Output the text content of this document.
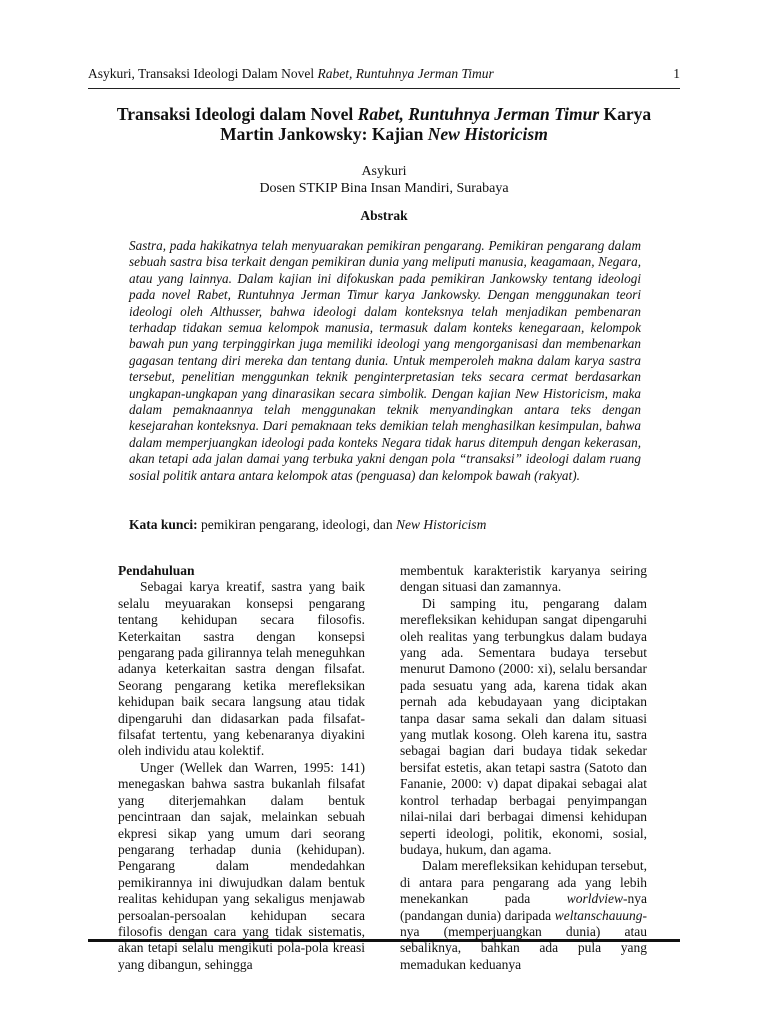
Asykuri, Transaksi Ideologi Dalam Novel Rabet, Runtuhnya Jerman Timur	1
Transaksi Ideologi dalam Novel Rabet, Runtuhnya Jerman Timur Karya Martin Jankowsky: Kajian New Historicism
Asykuri
Dosen STKIP Bina Insan Mandiri, Surabaya
Abstrak

Sastra, pada hakikatnya telah menyuarakan pemikiran pengarang. Pemikiran pengarang dalam sebuah sastra bisa terkait dengan pemikiran dunia yang meliputi manusia, keagamaan, Negara, atau yang lainnya. Dalam kajian ini difokuskan pada pemikiran Jankowsky tentang ideologi pada novel Rabet, Runtuhnya Jerman Timur karya Jankowsky. Dengan menggunakan teori ideologi oleh Althusser, bahwa ideologi dalam konteksnya telah menjadikan pembenaran terhadap tidakan semua kelompok manusia, termasuk dalam konteks kenegaraan, kelompok bawah pun yang terpinggirkan juga memiliki ideologi yang mengorganisasi dan membenarkan gagasan tentang diri mereka dan tentang dunia. Untuk memperoleh makna dalam karya sastra tersebut, penelitian menggunkan teknik penginterpretasian teks secara cermat berdasarkan ungkapan-ungkapan yang dinarasikan secara simbolik. Dengan kajian New Historicism, maka dalam pemaknaannya telah menggunakan teknik menyandingkan antara teks dengan kesejarahan konteksnya. Dari pemaknaan teks demikian telah menghasilkan kesimpulan, bahwa dalam memperjuangkan ideologi pada konteks Negara tidak harus ditempuh dengan kekerasan, akan tetapi ada jalan damai yang terbuka yakni dengan pola “transaksi” ideologi dalam ruang sosial politik antara antara kelompok atas (penguasa) dan kelompok bawah (rakyat).

Kata kunci: pemikiran pengarang, ideologi, dan New Historicism
Pendahuluan

Sebagai karya kreatif, sastra yang baik selalu meyuarakan konsepsi pengarang tentang kehidupan secara filosofis. Keterkaitan sastra dengan konsepsi pengarang pada gilirannya telah meneguhkan adanya keterkaitan sastra dengan filsafat. Seorang pengarang ketika merefleksikan kehidupan baik secara langsung atau tidak dipengaruhi dan didasarkan pada filsafat-filsafat tertentu, yang kebenaranya diyakini oleh individu atau kolektif.

Unger (Wellek dan Warren, 1995: 141) menegaskan bahwa sastra bukanlah filsafat yang diterjemahkan dalam bentuk pencintraan dan sajak, melainkan sebuah ekpresi sikap yang umum dari seorang pengarang terhadap dunia (kehidupan). Pengarang dalam mendedahkan pemikirannya ini diwujudkan dalam bentuk realitas kehidupan yang sekaligus menjawab persoalan-persoalan kehidupan secara filosofis dengan cara yang tidak sistematis, akan tetapi selalu mengikuti pola-pola kreasi yang dibangun, sehingga

membentuk karakteristik karyanya seiring dengan situasi dan zamannya.

Di samping itu, pengarang dalam merefleksikan kehidupan sangat dipengaruhi oleh realitas yang terbungkus dalam budaya yang ada. Sementara budaya tersebut menurut Damono (2000: xi), selalu bersandar pada sesuatu yang ada, karena tidak akan pernah ada kebudayaan yang diciptakan tanpa dasar sama sekali dan dalam situasi yang mutlak kosong. Oleh karena itu, sastra sebagai bagian dari budaya tidak sekedar bersifat estetis, akan tetapi sastra (Satoto dan Fananie, 2000: v) dapat dipakai sebagai alat kontrol terhadap berbagai penyimpangan nilai-nilai dari berbagai dimensi kehidupan seperti ideologi, politik, ekonomi, sosial, budaya, hukum, dan agama.

Dalam merefleksikan kehidupan tersebut, di antara para pengarang ada yang lebih menekankan pada worldview-nya (pandangan dunia) daripada weltanschauung-nya (memperjuangkan dunia) atau sebaliknya, bahkan ada pula yang memadukan keduanya
